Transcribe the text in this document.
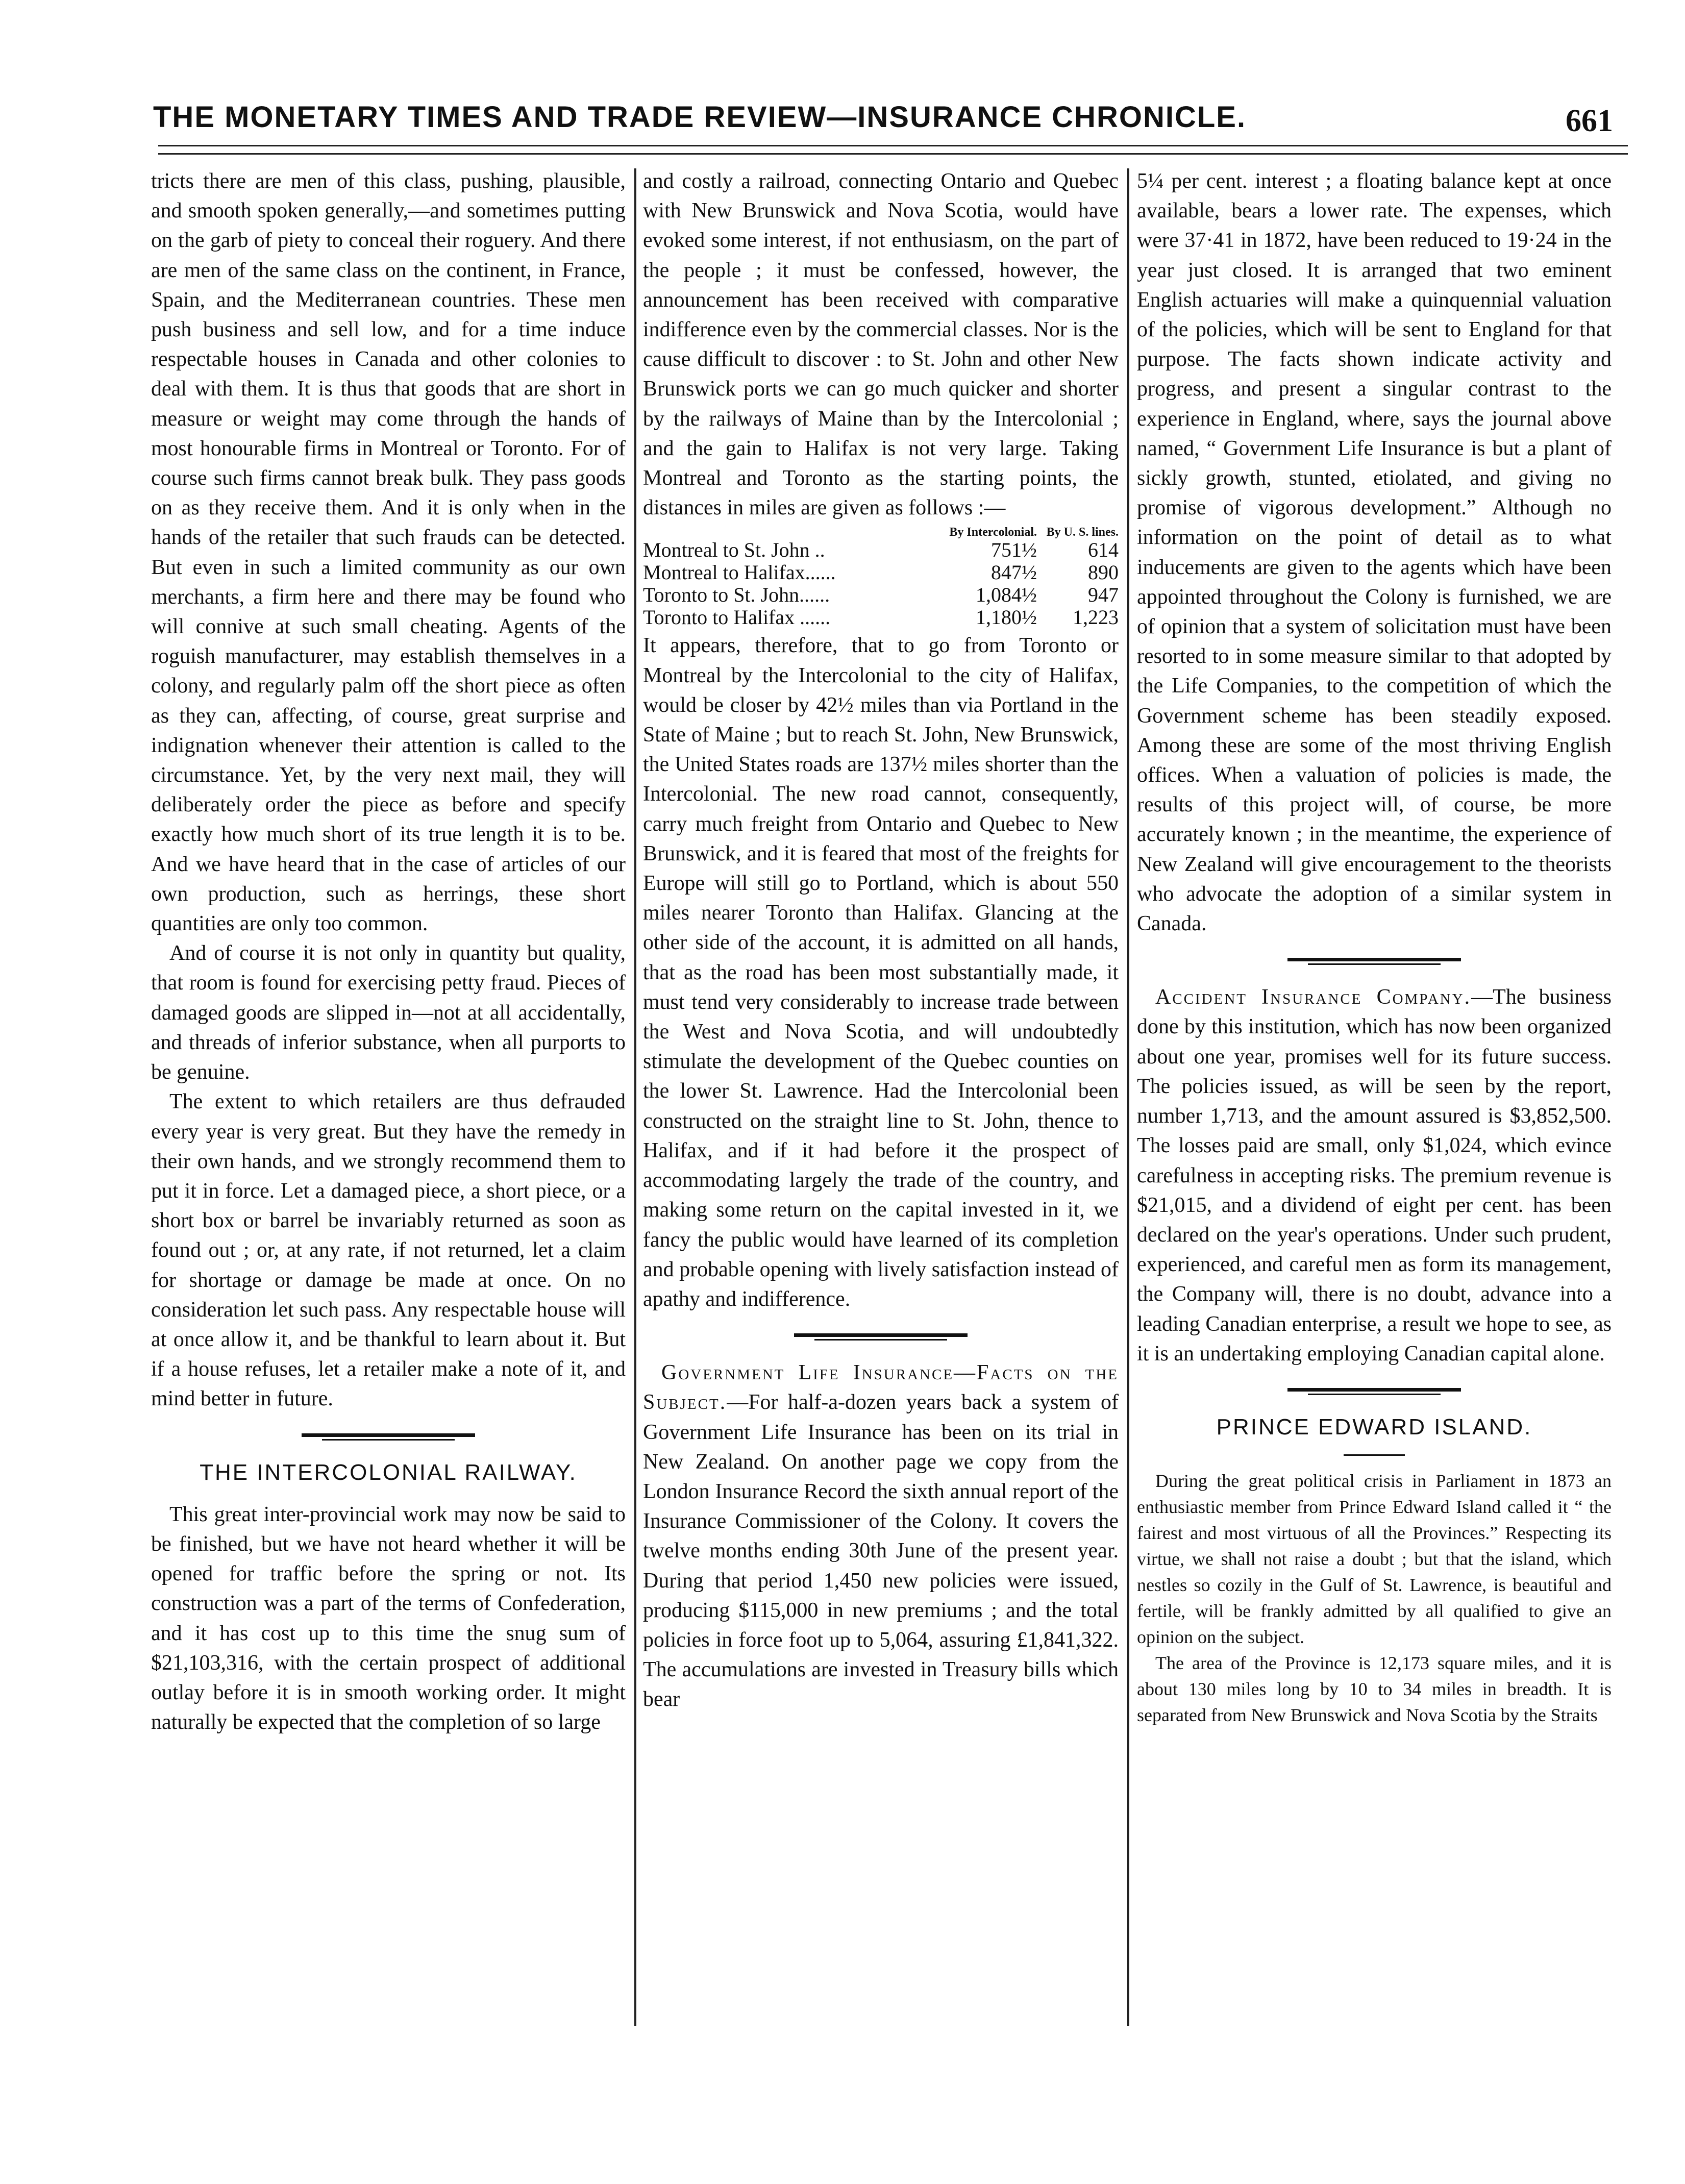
THE MONETARY TIMES AND TRADE REVIEW—INSURANCE CHRONICLE.	661

tricts there are men of this class, pushing, plausible, and smooth spoken generally,—and sometimes putting on the garb of piety to conceal their roguery. And there are men of the same class on the continent, in France, Spain, and the Mediterranean countries. These men push business and sell low, and for a time induce respectable houses in Canada and other colonies to deal with them. It is thus that goods that are short in measure or weight may come through the hands of most honourable firms in Montreal or Toronto. For of course such firms cannot break bulk. They pass goods on as they receive them. And it is only when in the hands of the retailer that such frauds can be detected. But even in such a limited community as our own merchants, a firm here and there may be found who will connive at such small cheating. Agents of the roguish manufacturer, may establish themselves in a colony, and regularly palm off the short piece as often as they can, affecting, of course, great surprise and indignation whenever their attention is called to the circumstance. Yet, by the very next mail, they will deliberately order the piece as before and specify exactly how much short of its true length it is to be. And we have heard that in the case of articles of our own production, such as herrings, these short quantities are only too common.

And of course it is not only in quantity but quality, that room is found for exercising petty fraud. Pieces of damaged goods are slipped in—not at all accidentally, and threads of inferior substance, when all purports to be genuine.

The extent to which retailers are thus defrauded every year is very great. But they have the remedy in their own hands, and we strongly recommend them to put it in force. Let a damaged piece, a short piece, or a short box or barrel be invariably returned as soon as found out ; or, at any rate, if not returned, let a claim for shortage or damage be made at once. On no consideration let such pass. Any respectable house will at once allow it, and be thankful to learn about it. But if a house refuses, let a retailer make a note of it, and mind better in future.

THE INTERCOLONIAL RAILWAY.

This great inter-provincial work may now be said to be finished, but we have not heard whether it will be opened for traffic before the spring or not. Its construction was a part of the terms of Confederation, and it has cost up to this time the snug sum of $21,103,316, with the certain prospect of additional outlay before it is in smooth working order. It might naturally be expected that the completion of so large

and costly a railroad, connecting Ontario and Quebec with New Brunswick and Nova Scotia, would have evoked some interest, if not enthusiasm, on the part of the people ; it must be confessed, however, the announcement has been received with comparative indifference even by the commercial classes. Nor is the cause difficult to discover : to St. John and other New Brunswick ports we can go much quicker and shorter by the railways of Maine than by the Intercolonial ; and the gain to Halifax is not very large. Taking Montreal and Toronto as the starting points, the distances in miles are given as follows :—

	By Intercolonial.	By U. S. lines.
Montreal to St. John ..	751½	614
Montreal to Halifax......	847½	890
Toronto to St. John......	1,084½	947
Toronto to Halifax ......	1,180½	1,223

It appears, therefore, that to go from Toronto or Montreal by the Intercolonial to the city of Halifax, would be closer by 42½ miles than via Portland in the State of Maine ; but to reach St. John, New Brunswick, the United States roads are 137½ miles shorter than the Intercolonial. The new road cannot, consequently, carry much freight from Ontario and Quebec to New Brunswick, and it is feared that most of the freights for Europe will still go to Portland, which is about 550 miles nearer Toronto than Halifax. Glancing at the other side of the account, it is admitted on all hands, that as the road has been most substantially made, it must tend very considerably to increase trade between the West and Nova Scotia, and will undoubtedly stimulate the development of the Quebec counties on the lower St. Lawrence. Had the Intercolonial been constructed on the straight line to St. John, thence to Halifax, and if it had before it the prospect of accommodating largely the trade of the country, and making some return on the capital invested in it, we fancy the public would have learned of its completion and probable opening with lively satisfaction instead of apathy and indifference.

Government Life Insurance—Facts on the Subject.—For half-a-dozen years back a system of Government Life Insurance has been on its trial in New Zealand. On another page we copy from the London Insurance Record the sixth annual report of the Insurance Commissioner of the Colony. It covers the twelve months ending 30th June of the present year. During that period 1,450 new policies were issued, producing $115,000 in new premiums ; and the total policies in force foot up to 5,064, assuring £1,841,322. The accumulations are invested in Treasury bills which bear

5¼ per cent. interest ; a floating balance kept at once available, bears a lower rate. The expenses, which were 37·41 in 1872, have been reduced to 19·24 in the year just closed. It is arranged that two eminent English actuaries will make a quinquennial valuation of the policies, which will be sent to England for that purpose. The facts shown indicate activity and progress, and present a singular contrast to the experience in England, where, says the journal above named, “ Government Life Insurance is but a plant of sickly growth, stunted, etiolated, and giving no promise of vigorous development.” Although no information on the point of detail as to what inducements are given to the agents which have been appointed throughout the Colony is furnished, we are of opinion that a system of solicitation must have been resorted to in some measure similar to that adopted by the Life Companies, to the competition of which the Government scheme has been steadily exposed. Among these are some of the most thriving English offices. When a valuation of policies is made, the results of this project will, of course, be more accurately known ; in the meantime, the experience of New Zealand will give encouragement to the theorists who advocate the adoption of a similar system in Canada.

Accident Insurance Company.—The business done by this institution, which has now been organized about one year, promises well for its future success. The policies issued, as will be seen by the report, number 1,713, and the amount assured is $3,852,500. The losses paid are small, only $1,024, which evince carefulness in accepting risks. The premium revenue is $21,015, and a dividend of eight per cent. has been declared on the year's operations. Under such prudent, experienced, and careful men as form its management, the Company will, there is no doubt, advance into a leading Canadian enterprise, a result we hope to see, as it is an undertaking employing Canadian capital alone.

PRINCE EDWARD ISLAND.

During the great political crisis in Parliament in 1873 an enthusiastic member from Prince Edward Island called it “ the fairest and most virtuous of all the Provinces.” Respecting its virtue, we shall not raise a doubt ; but that the island, which nestles so cozily in the Gulf of St. Lawrence, is beautiful and fertile, will be frankly admitted by all qualified to give an opinion on the subject.

The area of the Province is 12,173 square miles, and it is about 130 miles long by 10 to 34 miles in breadth. It is separated from New Brunswick and Nova Scotia by the Straits
